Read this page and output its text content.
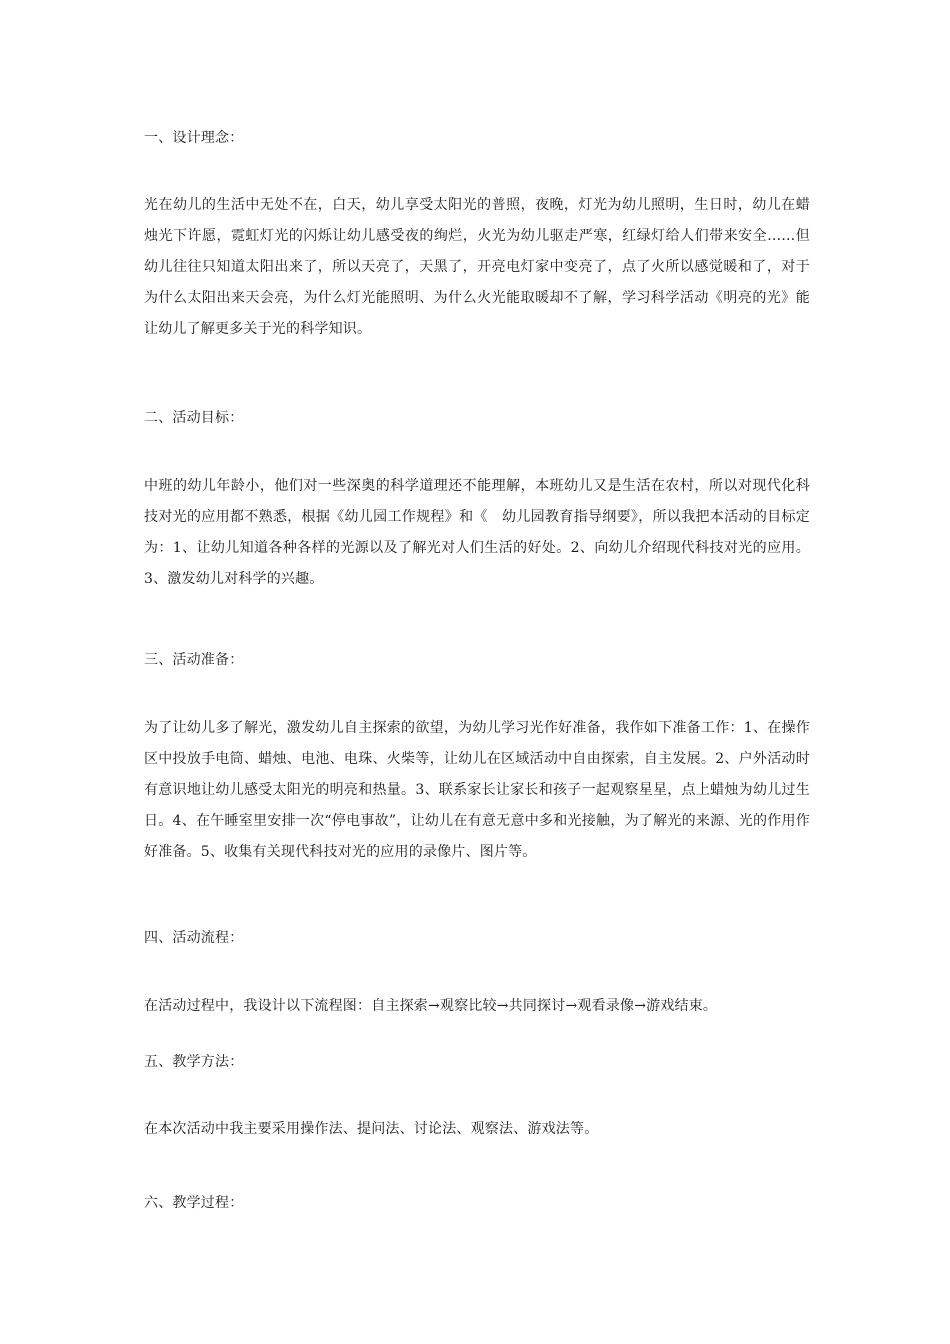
一、设计理念：

光在幼儿的生活中无处不在，白天，幼儿享受太阳光的普照，夜晚，灯光为幼儿照明，生日时，幼儿在蜡烛光下许愿，霓虹灯光的闪烁让幼儿感受夜的绚烂，火光为幼儿驱走严寒，红绿灯给人们带来安全……但幼儿往往只知道太阳出来了，所以天亮了，天黑了，开亮电灯家中变亮了，点了火所以感觉暖和了，对于为什么太阳出来天会亮，为什么灯光能照明、为什么火光能取暖却不了解，学习科学活动《明亮的光》能让幼儿了解更多关于光的科学知识。

二、活动目标：

中班的幼儿年龄小，他们对一些深奥的科学道理还不能理解，本班幼儿又是生活在农村，所以对现代化科技对光的应用都不熟悉，根据《幼儿园工作规程》和《　幼儿园教育指导纲要》，所以我把本活动的目标定为：1、让幼儿知道各种各样的光源以及了解光对人们生活的好处。2、向幼儿介绍现代科技对光的应用。3、激发幼儿对科学的兴趣。

三、活动准备：

为了让幼儿多了解光，激发幼儿自主探索的欲望，为幼儿学习光作好准备，我作如下准备工作：1、在操作区中投放手电筒、蜡烛、电池、电珠、火柴等，让幼儿在区域活动中自由探索，自主发展。2、户外活动时有意识地让幼儿感受太阳光的明亮和热量。3、联系家长让家长和孩子一起观察星星，点上蜡烛为幼儿过生日。4、在午睡室里安排一次“停电事故”，让幼儿在有意无意中多和光接触，为了解光的来源、光的作用作好准备。5、收集有关现代科技对光的应用的录像片、图片等。

四、活动流程：

在活动过程中，我设计以下流程图：自主探索→观察比较→共同探讨→观看录像→游戏结束。

五、教学方法：

在本次活动中我主要采用操作法、提问法、讨论法、观察法、游戏法等。

六、教学过程：
